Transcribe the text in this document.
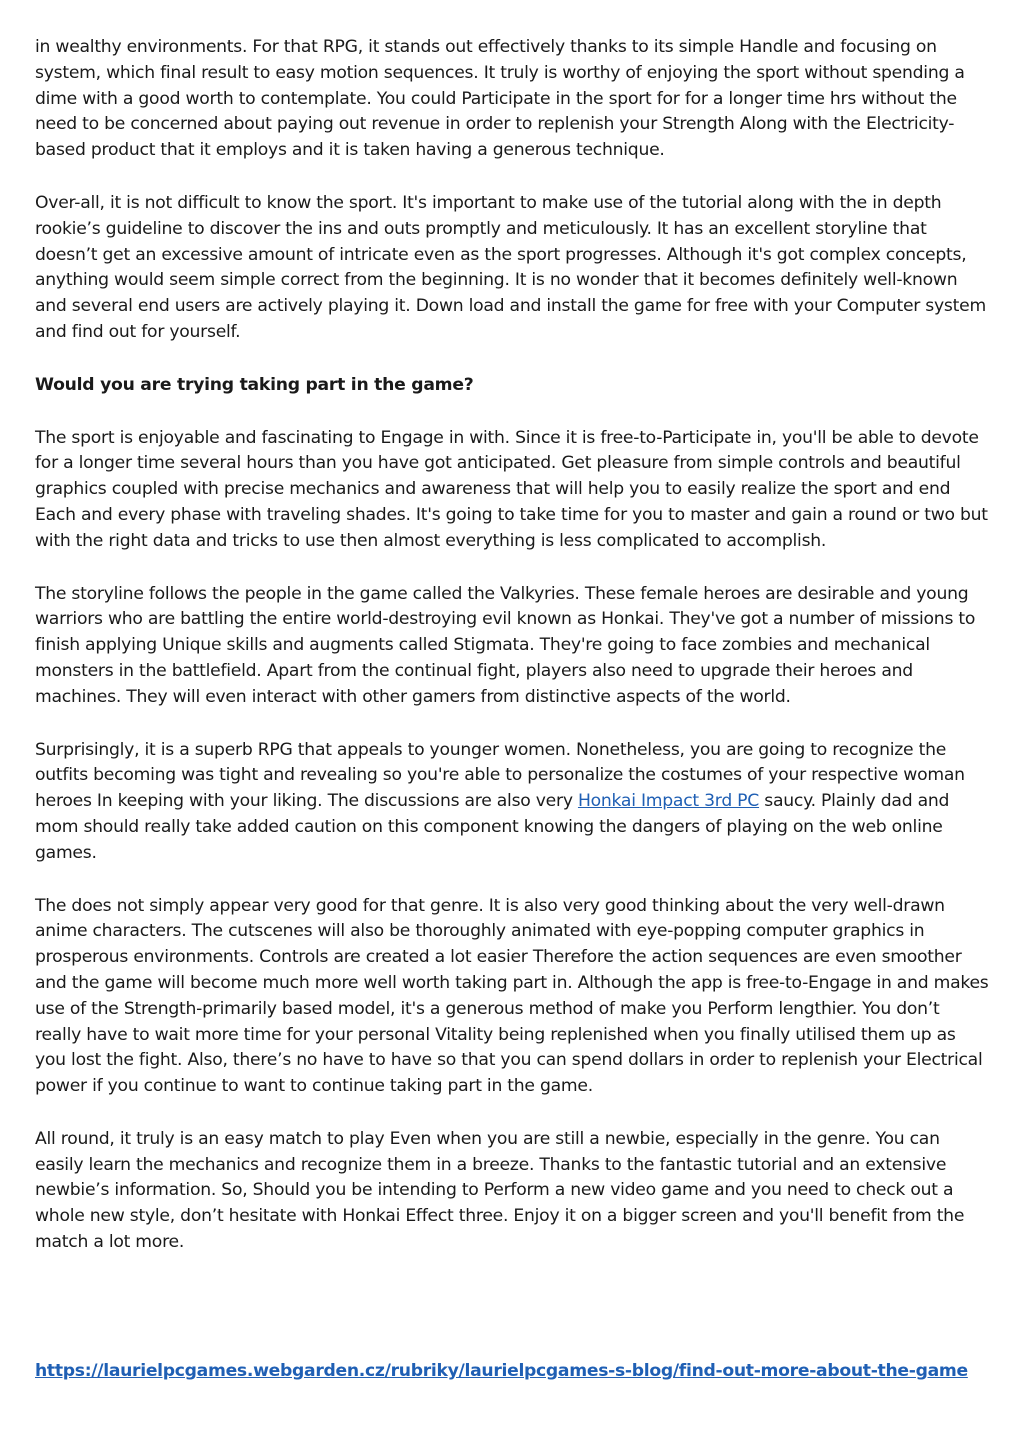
in wealthy environments. For that RPG, it stands out effectively thanks to its simple Handle and focusing on system, which final result to easy motion sequences. It truly is worthy of enjoying the sport without spending a dime with a good worth to contemplate. You could Participate in the sport for for a longer time hrs without the need to be concerned about paying out revenue in order to replenish your Strength Along with the Electricity-based product that it employs and it is taken having a generous technique.

Over-all, it is not difficult to know the sport. It's important to make use of the tutorial along with the in depth rookie’s guideline to discover the ins and outs promptly and meticulously. It has an excellent storyline that doesn’t get an excessive amount of intricate even as the sport progresses. Although it's got complex concepts, anything would seem simple correct from the beginning. It is no wonder that it becomes definitely well-known and several end users are actively playing it. Down load and install the game for free with your Computer system and find out for yourself.

Would you are trying taking part in the game?

The sport is enjoyable and fascinating to Engage in with. Since it is free-to-Participate in, you'll be able to devote for a longer time several hours than you have got anticipated. Get pleasure from simple controls and beautiful graphics coupled with precise mechanics and awareness that will help you to easily realize the sport and end Each and every phase with traveling shades. It's going to take time for you to master and gain a round or two but with the right data and tricks to use then almost everything is less complicated to accomplish.

The storyline follows the people in the game called the Valkyries. These female heroes are desirable and young warriors who are battling the entire world-destroying evil known as Honkai. They've got a number of missions to finish applying Unique skills and augments called Stigmata. They're going to face zombies and mechanical monsters in the battlefield. Apart from the continual fight, players also need to upgrade their heroes and machines. They will even interact with other gamers from distinctive aspects of the world.

Surprisingly, it is a superb RPG that appeals to younger women. Nonetheless, you are going to recognize the outfits becoming was tight and revealing so you're able to personalize the costumes of your respective woman heroes In keeping with your liking. The discussions are also very Honkai Impact 3rd PC saucy. Plainly dad and mom should really take added caution on this component knowing the dangers of playing on the web online games.

The does not simply appear very good for that genre. It is also very good thinking about the very well-drawn anime characters. The cutscenes will also be thoroughly animated with eye-popping computer graphics in prosperous environments. Controls are created a lot easier Therefore the action sequences are even smoother and the game will become much more well worth taking part in. Although the app is free-to-Engage in and makes use of the Strength-primarily based model, it's a generous method of make you Perform lengthier. You don’t really have to wait more time for your personal Vitality being replenished when you finally utilised them up as you lost the fight. Also, there’s no have to have so that you can spend dollars in order to replenish your Electrical power if you continue to want to continue taking part in the game.

All round, it truly is an easy match to play Even when you are still a newbie, especially in the genre. You can easily learn the mechanics and recognize them in a breeze. Thanks to the fantastic tutorial and an extensive newbie’s information. So, Should you be intending to Perform a new video game and you need to check out a whole new style, don’t hesitate with Honkai Effect three. Enjoy it on a bigger screen and you'll benefit from the match a lot more.

https://laurielpcgames.webgarden.cz/rubriky/laurielpcgames-s-blog/find-out-more-about-the-game
